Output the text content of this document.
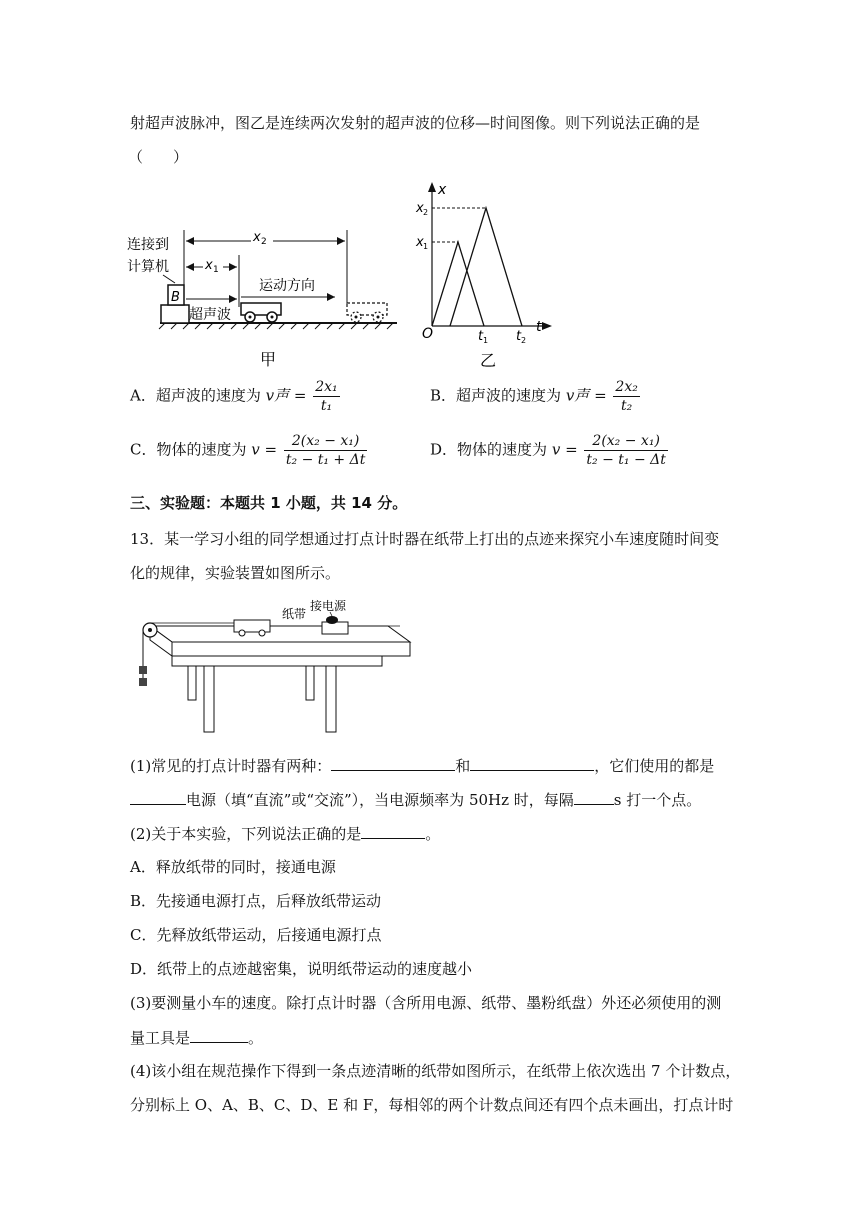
射超声波脉冲，图乙是连续两次发射的超声波的位移—时间图像。则下列说法正确的是
（　　）
B
连接到
计算机
x 2
x 1
超声波
运动方向
甲
x
t
O
x 2
x 1
t 1 t 2
乙
A．超声波的速度为 v声 = $\frac{\text{2x₁}}{\text{t₁}}$	B．超声波的速度为 v声 = $\frac{\text{2x₂}}{\text{t₂}}$
C．物体的速度为 $v = \frac{\text{2(x₂ − x₁)}}{\text{t₂ − t₁ + Δt}}$	D．物体的速度为 $v = \frac{\text{2(x₂ − x₁)}}{\text{t₂ − t₁ − Δt}}$
三、实验题：本题共 1 小题，共 14 分。
13．某一学习小组的同学想通过打点计时器在纸带上打出的点迹来探究小车速度随时间变
化的规律，实验装置如图所示。
纸带
接电源
(1)常见的打点计时器有两种：	和	，它们使用的都是
电源（填“直流”或“交流”），当电源频率为 50Hz 时，每隔	s 打一个点。
(2)关于本实验，下列说法正确的是	。
A．释放纸带的同时，接通电源
B．先接通电源打点，后释放纸带运动
C．先释放纸带运动，后接通电源打点
D．纸带上的点迹越密集，说明纸带运动的速度越小
(3)要测量小车的速度。除打点计时器（含所用电源、纸带、墨粉纸盘）外还必须使用的测
量工具是	。
(4)该小组在规范操作下得到一条点迹清晰的纸带如图所示，在纸带上依次选出 7 个计数点，
分别标上 O、A、B、C、D、E 和 F，每相邻的两个计数点间还有四个点未画出，打点计时
